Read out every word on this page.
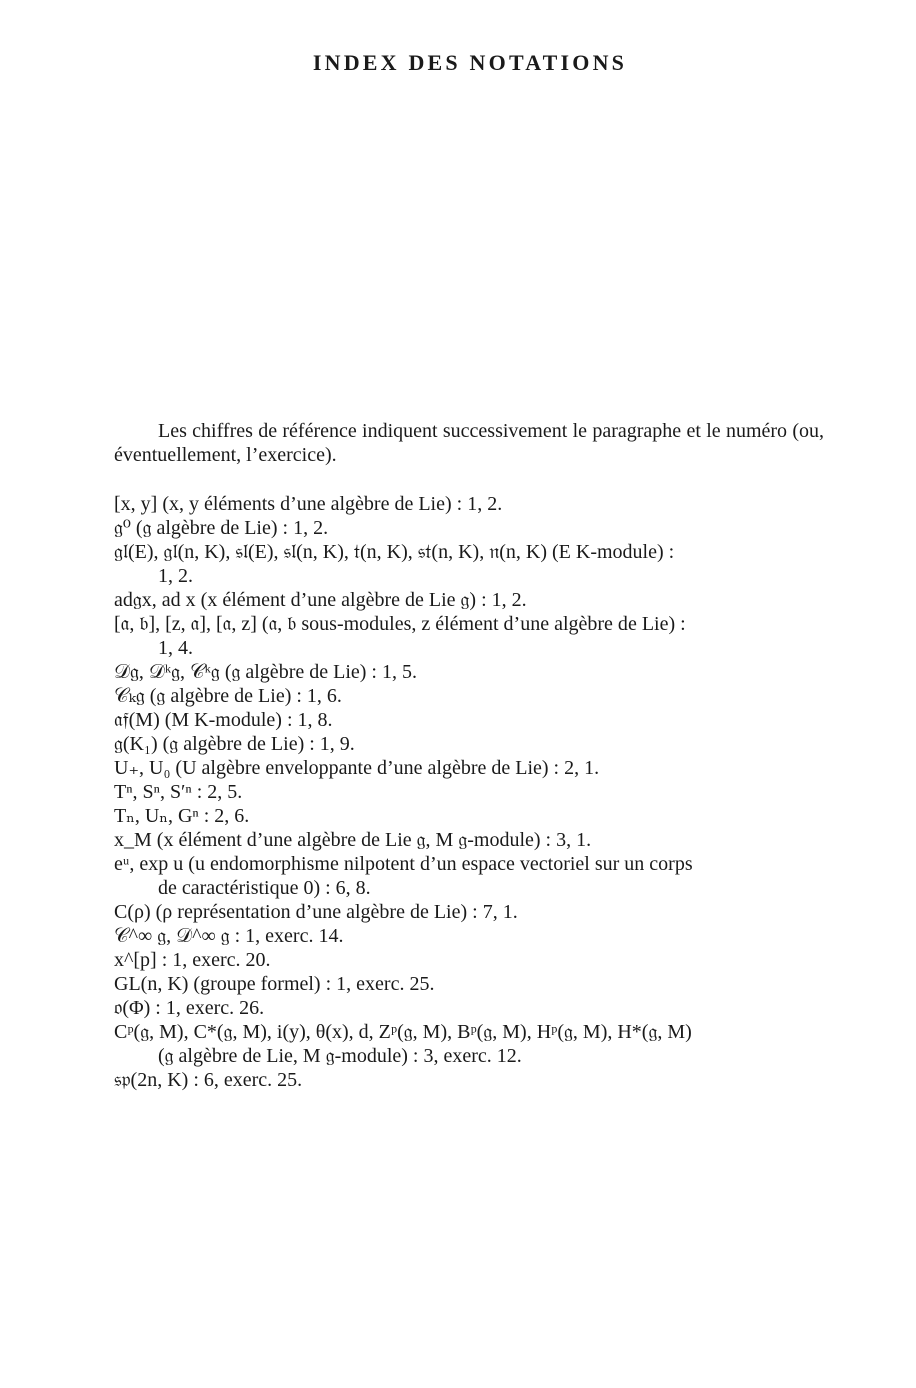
INDEX DES NOTATIONS

Les chiffres de référence indiquent successivement le paragraphe et le numéro (ou, éventuellement, l’exercice).

[x, y] (x, y éléments d’une algèbre de Lie) : 1, 2.
𝔤⁰ (𝔤 algèbre de Lie) : 1, 2.
𝔤𝔩(E), 𝔤𝔩(n, K), 𝔰𝔩(E), 𝔰𝔩(n, K), 𝔱(n, K), 𝔰𝔱(n, K), 𝔫(n, K) (E K-module) :
1, 2.
ad𝔤x, ad x (x élément d’une algèbre de Lie 𝔤) : 1, 2.
[𝔞, 𝔟], [z, 𝔞], [𝔞, z] (𝔞, 𝔟 sous-modules, z élément d’une algèbre de Lie) :
1, 4.
𝒟𝔤, 𝒟ᵏ𝔤, 𝒞ᵏ𝔤 (𝔤 algèbre de Lie) : 1, 5.
𝒞ₖ𝔤 (𝔤 algèbre de Lie) : 1, 6.
𝔞𝔣(M) (M K-module) : 1, 8.
𝔤(K₁) (𝔤 algèbre de Lie) : 1, 9.
U₊, U₀ (U algèbre enveloppante d’une algèbre de Lie) : 2, 1.
Tⁿ, Sⁿ, S′ⁿ : 2, 5.
Tₙ, Uₙ, Gⁿ : 2, 6.
x_M (x élément d’une algèbre de Lie 𝔤, M 𝔤-module) : 3, 1.
eᵘ, exp u (u endomorphisme nilpotent d’un espace vectoriel sur un corps
de caractéristique 0) : 6, 8.
C(ρ) (ρ représentation d’une algèbre de Lie) : 7, 1.
𝒞^∞ 𝔤, 𝒟^∞ 𝔤 : 1, exerc. 14.
x^[p] : 1, exerc. 20.
GL(n, K) (groupe formel) : 1, exerc. 25.
𝔬(Φ) : 1, exerc. 26.
Cᵖ(𝔤, M), C*(𝔤, M), i(y), θ(x), d, Zᵖ(𝔤, M), Bᵖ(𝔤, M), Hᵖ(𝔤, M), H*(𝔤, M)
(𝔤 algèbre de Lie, M 𝔤-module) : 3, exerc. 12.
𝔰𝔭(2n, K) : 6, exerc. 25.
